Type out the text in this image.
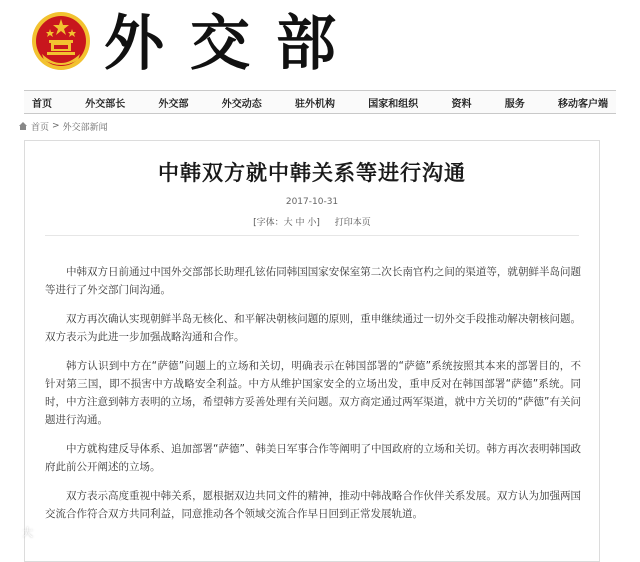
外交部
首页	外交部长	外交部	外交动态	驻外机构	国家和组织	资料	服务	移动客户端
首页 > 外交部新闻
中韩双方就中韩关系等进行沟通
2017-10-31
[字体：大 中 小] 打印本页

中韩双方日前通过中国外交部部长助理孔铉佑同韩国国家安保室第二次长南官杓之间的渠道等，就朝鲜半岛问题等进行了外交部门间沟通。

双方再次确认实现朝鲜半岛无核化、和平解决朝核问题的原则，重申继续通过一切外交手段推动解决朝核问题。双方表示为此进一步加强战略沟通和合作。

韩方认识到中方在“萨德”问题上的立场和关切，明确表示在韩国部署的“萨德”系统按照其本来的部署目的，不针对第三国，即不损害中方战略安全利益。中方从维护国家安全的立场出发，重申反对在韩国部署“萨德”系统。同时，中方注意到韩方表明的立场，希望韩方妥善处理有关问题。双方商定通过两军渠道，就中方关切的“萨德”有关问题进行沟通。

中方就构建反导体系、追加部署“萨德”、韩美日军事合作等阐明了中国政府的立场和关切。韩方再次表明韩国政府此前公开阐述的立场。

双方表示高度重视中韩关系，愿根据双边共同文件的精神，推动中韩战略合作伙伴关系发展。双方认为加强两国交流合作符合双方共同利益，同意推动各个领域交流合作早日回到正常发展轨道。

大
